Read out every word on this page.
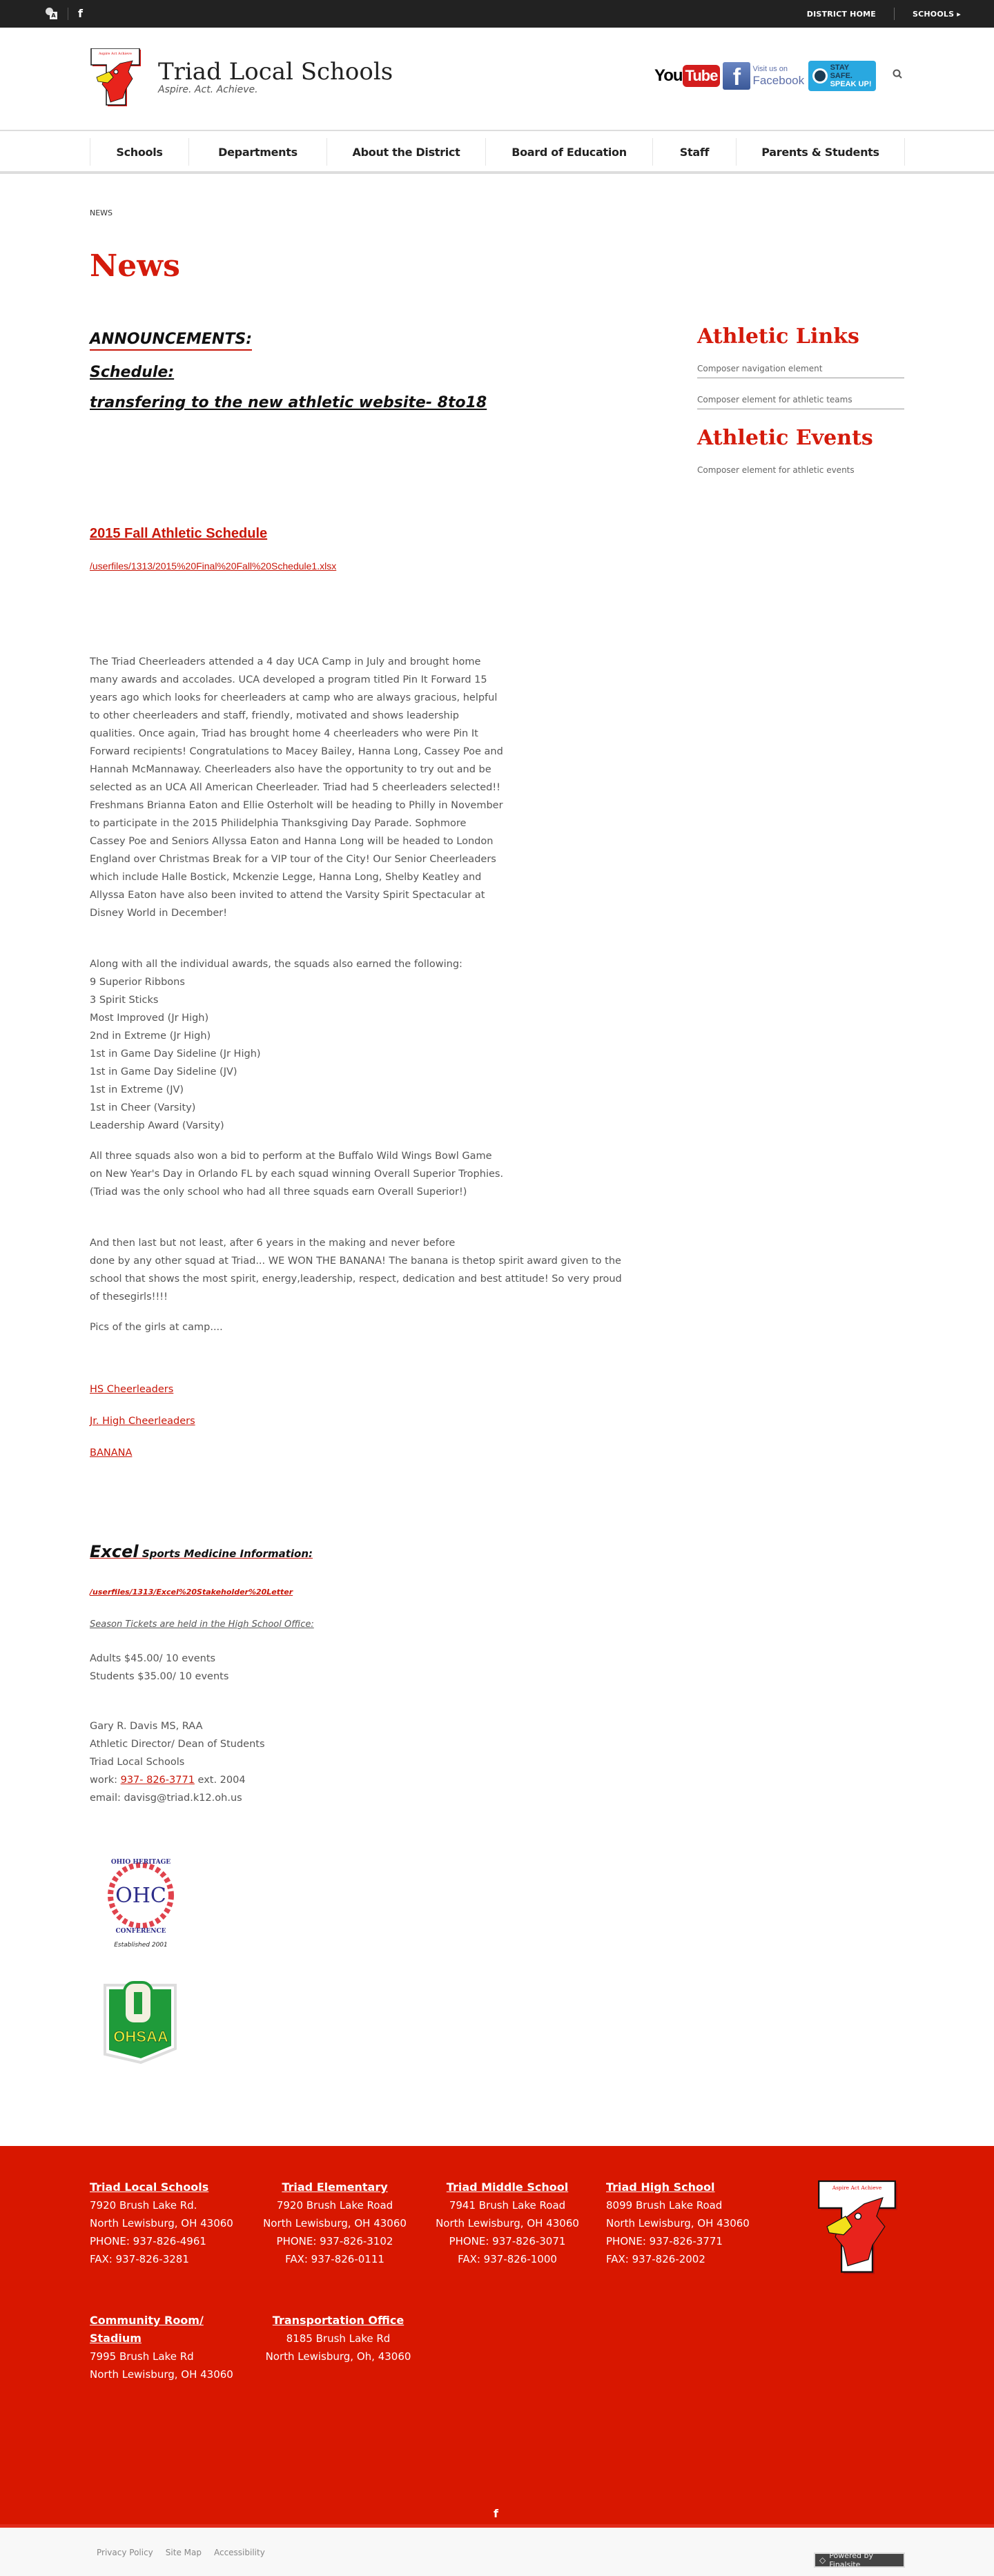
A f	DISTRICT HOME	SCHOOLS ▸
Aspire Act Achieve
Triad Local Schools
Aspire. Act. Achieve.
You Tube f	Visit us on
Facebook
STAY SAFE.
SPEAK UP!
Schools	Departments	About the District	Board of Education	Staff	Parents & Students
NEWS
News
ANNOUNCEMENTS:
Schedule:
transfering to the new athletic website- 8to18
2015 Fall Athletic Schedule
/userfiles/1313/2015%20Final%20Fall%20Schedule1.xlsx

The Triad Cheerleaders attended a 4 day UCA Camp in July and brought home many awards and accolades. UCA developed a program titled Pin It Forward 15 years ago which looks for cheerleaders at camp who are always gracious, helpful to other cheerleaders and staff, friendly, motivated and shows leadership qualities. Once again, Triad has brought home 4 cheerleaders who were Pin It Forward recipients! Congratulations to Macey Bailey, Hanna Long, Cassey Poe and Hannah McMannaway. Cheerleaders also have the opportunity to try out and be selected as an UCA All American Cheerleader. Triad had 5 cheerleaders selected!! Freshmans Brianna Eaton and Ellie Osterholt will be heading to Philly in November to participate in the 2015 Philidelphia Thanksgiving Day Parade. Sophmore Cassey Poe and Seniors Allyssa Eaton and Hanna Long will be headed to London England over Christmas Break for a VIP tour of the City! Our Senior Cheerleaders which include Halle Bostick, Mckenzie Legge, Hanna Long, Shelby Keatley and Allyssa Eaton have also been invited to attend the Varsity Spirit Spectacular at Disney World in December!

Along with all the individual awards, the squads also earned the following:
9 Superior Ribbons
3 Spirit Sticks
Most Improved (Jr High)
2nd in Extreme (Jr High)
1st in Game Day Sideline (Jr High)
1st in Game Day Sideline (JV)
1st in Extreme (JV)
1st in Cheer (Varsity)
Leadership Award (Varsity)

All three squads also won a bid to perform at the Buffalo Wild Wings Bowl Game on New Year's Day in Orlando FL by each squad winning Overall Superior Trophies. (Triad was the only school who had all three squads earn Overall Superior!)

And then last but not least, after 6 years in the making and never before
done by any other squad at Triad... WE WON THE BANANA! The banana is thetop spirit award given to the school that shows the most spirit, energy,leadership, respect, dedication and best attitude! So very proud of thesegirls!!!!
Pics of the girls at camp....
HS Cheerleaders
Jr. High Cheerleaders
BANANA
Excel Sports Medicine Information:
/userfiles/1313/Excel%20Stakeholder%20Letter
Season Tickets are held in the High School Office:
Adults $45.00/ 10 events
Students $35.00/ 10 events
Gary R. Davis MS, RAA
Athletic Director/ Dean of Students
Triad Local Schools
work: 937- 826-3771 ext. 2004
email: davisg@triad.k12.oh.us
OHC
OHIO HERITAGE
CONFERENCE
Established 2001
OHSAA
Athletic Links
Composer navigation element
Composer element for athletic teams
Athletic Events
Composer element for athletic events
Triad Local Schools
7920 Brush Lake Rd.
North Lewisburg, OH 43060
PHONE: 937-826-4961
FAX: 937-826-3281
Triad Elementary
7920 Brush Lake Road
North Lewisburg, OH 43060
PHONE: 937-826-3102
FAX: 937-826-0111
Triad Middle School
7941 Brush Lake Road
North Lewisburg, OH 43060
PHONE: 937-826-3071
FAX: 937-826-1000
Triad High School
8099 Brush Lake Road
North Lewisburg, OH 43060
PHONE: 937-826-3771
FAX: 937-826-2002
Community Room/
Stadium
7995 Brush Lake Rd
North Lewisburg, OH 43060
Transportation Office
8185 Brush Lake Rd
North Lewisburg, Oh, 43060
Aspire Act Achieve
f
Privacy Policy Site Map Accessibility
◇ Powered by Finalsite
